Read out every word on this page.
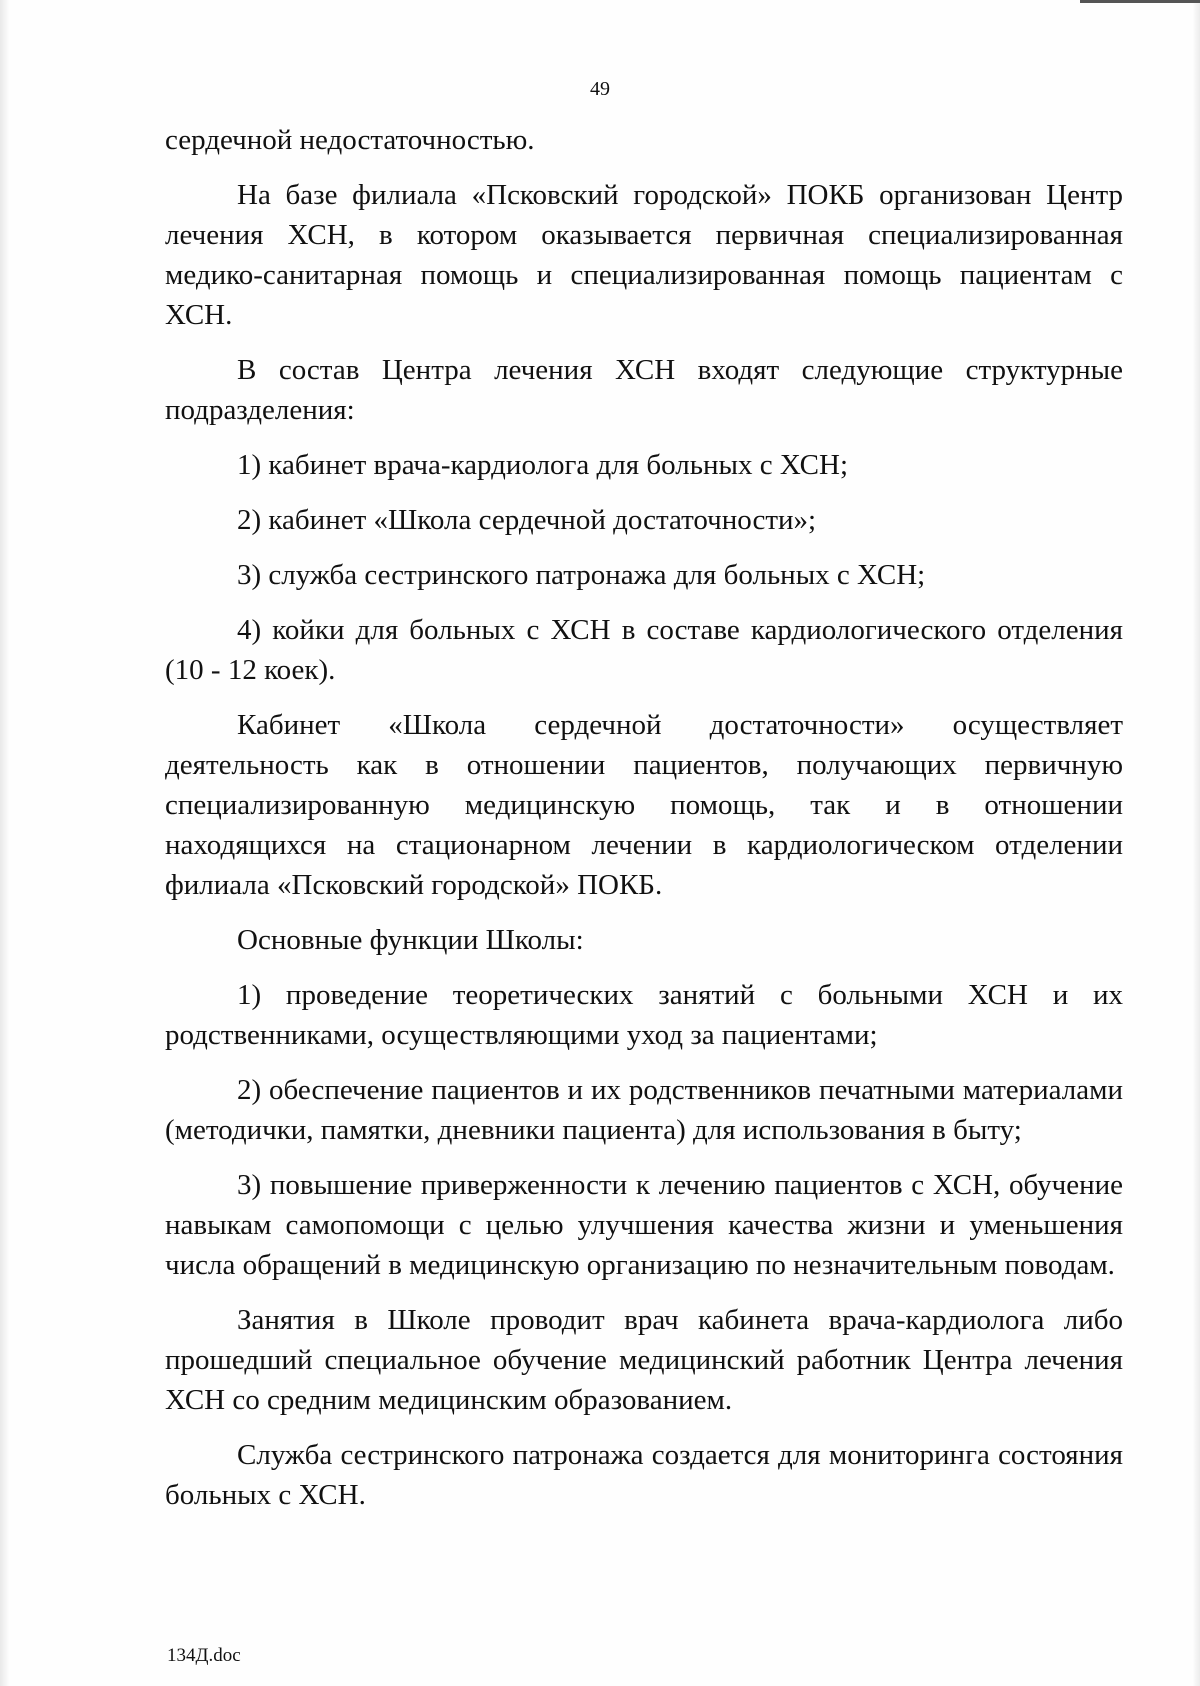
49

сердечной недостаточностью.

На базе филиала «Псковский городской» ПОКБ организован Центр лечения ХСН, в котором оказывается первичная специализированная медико-санитарная помощь и специализированная помощь пациентам с ХСН.

В состав Центра лечения ХСН входят следующие структурные подразделения:

1) кабинет врача-кардиолога для больных с ХСН;

2) кабинет «Школа сердечной достаточности»;

3) служба сестринского патронажа для больных с ХСН;

4) койки для больных с ХСН в составе кардиологического отделения (10 - 12 коек).

Кабинет «Школа сердечной достаточности» осуществляет деятельность как в отношении пациентов, получающих первичную специализированную медицинскую помощь, так и в отношении находящихся на стационарном лечении в кардиологическом отделении филиала «Псковский городской» ПОКБ.

Основные функции Школы:

1) проведение теоретических занятий с больными ХСН и их родственниками, осуществляющими уход за пациентами;

2) обеспечение пациентов и их родственников печатными материалами (методички, памятки, дневники пациента) для использования в быту;

3) повышение приверженности к лечению пациентов с ХСН, обучение навыкам самопомощи с целью улучшения качества жизни и уменьшения числа обращений в медицинскую организацию по незначительным поводам.

Занятия в Школе проводит врач кабинета врача-кардиолога либо прошедший специальное обучение медицинский работник Центра лечения ХСН со средним медицинским образованием.

Служба сестринского патронажа создается для мониторинга состояния больных с ХСН.

134Д.doc
